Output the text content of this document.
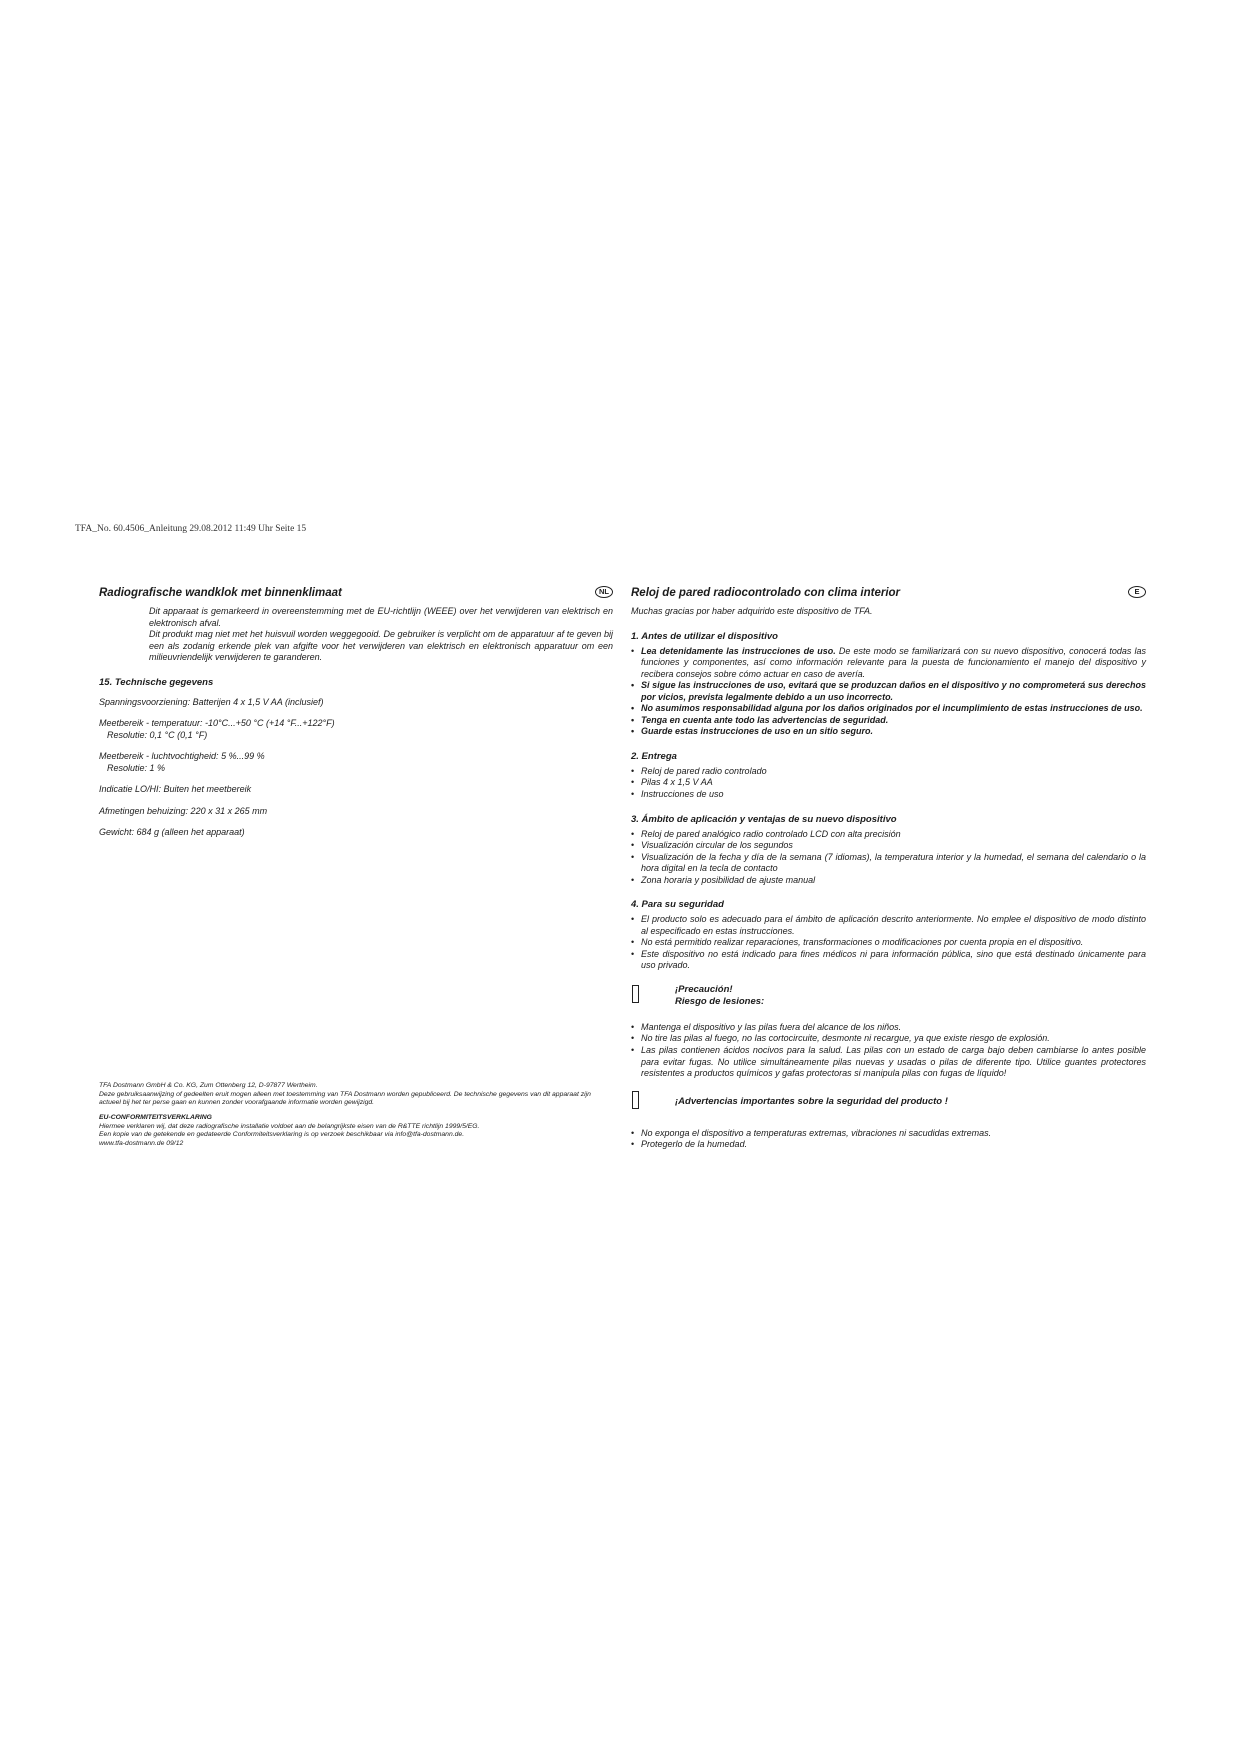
TFA_No. 60.4506_Anleitung 29.08.2012 11:49 Uhr Seite 15
Radiografische wandklok met binnenklimaat	NL

Dit apparaat is gemarkeerd in overeenstemming met de EU-richtlijn (WEEE) over het verwijderen van elektrisch en elektronisch afval.

Dit produkt mag niet met het huisvuil worden weggegooid. De gebruiker is verplicht om de apparatuur af te geven bij een als zodanig erkende plek van afgifte voor het verwijderen van elektrisch en elektronisch apparatuur om een milieuvriendelijk verwijderen te garanderen.

15. Technische gegevens

Spanningsvoorziening: Batterijen 4 x 1,5 V AA (inclusief)

Meetbereik - temperatuur: -10°C...+50 °C (+14 °F...+122°F)

Resolutie: 0,1 °C (0,1 °F)

Meetbereik - luchtvochtigheid: 5 %...99 %

Resolutie: 1 %

Indicatie LO/HI: Buiten het meetbereik

Afmetingen behuizing: 220 x 31 x 265 mm

Gewicht: 684 g (alleen het apparaat)

TFA Dostmann GmbH & Co. KG, Zum Ottenberg 12, D-97877 Wertheim.

Deze gebruiksaanwijzing of gedeelten eruit mogen alleen met toestemming van TFA Dostmann worden gepubliceerd. De technische gegevens van dit apparaat zijn actueel bij het ter perse gaan en kunnen zonder voorafgaande informatie worden gewijzigd.

EU-CONFORMITEITSVERKLARING

Hiermee verklaren wij, dat deze radiografische installatie voldoet aan de belangrijkste eisen van de R&TTE richtlijn 1999/5/EG.

Een kopie van de getekende en gedateerde Conformiteitsverklaring is op verzoek beschikbaar via info@tfa-dostmann.de.

www.tfa-dostmann.de 09/12

Reloj de pared radiocontrolado con clima interior	E

Muchas gracias por haber adquirido este dispositivo de TFA.

1. Antes de utilizar el dispositivo
• Lea detenidamente las instrucciones de uso. De este modo se familiarizará con su nuevo dispositivo, conocerá todas las funciones y componentes, así como información relevante para la puesta de funcionamiento el manejo del dispositivo y recibera consejos sobre cómo actuar en caso de avería.
• Si sigue las instrucciones de uso, evitará que se produzcan daños en el dispositivo y no comprometerá sus derechos por vicios, prevista legalmente debido a un uso incorrecto.
• No asumimos responsabilidad alguna por los daños originados por el incumplimiento de estas instrucciones de uso.
• Tenga en cuenta ante todo las advertencias de seguridad.
• Guarde estas instrucciones de uso en un sitio seguro.
2. Entrega
• Reloj de pared radio controlado
• Pilas 4 x 1,5 V AA
• Instrucciones de uso
3. Ámbito de aplicación y ventajas de su nuevo dispositivo
• Reloj de pared analógico radio controlado LCD con alta precisión
• Visualización circular de los segundos
• Visualización de la fecha y día de la semana (7 idiomas), la temperatura interior y la humedad, el semana del calendario o la hora digital en la tecla de contacto
• Zona horaria y posibilidad de ajuste manual
4. Para su seguridad
• El producto solo es adecuado para el ámbito de aplicación descrito anteriormente. No emplee el dispositivo de modo distinto al especificado en estas instrucciones.
• No está permitido realizar reparaciones, transformaciones o modificaciones por cuenta propia en el dispositivo.
• Este dispositivo no está indicado para fines médicos ni para información pública, sino que está destinado únicamente para uso privado.
¡Precaución!
Riesgo de lesiones:
• Mantenga el dispositivo y las pilas fuera del alcance de los niños.
• No tire las pilas al fuego, no las cortocircuite, desmonte ni recargue, ya que existe riesgo de explosión.
• Las pilas contienen ácidos nocivos para la salud. Las pilas con un estado de carga bajo deben cambiarse lo antes posible para evitar fugas. No utilice simultáneamente pilas nuevas y usadas o pilas de diferente tipo. Utilice guantes protectores resistentes a productos químicos y gafas protectoras si manipula pilas con fugas de líquido!
¡Advertencias importantes sobre la seguridad del producto !
• No exponga el dispositivo a temperaturas extremas, vibraciones ni sacudidas extremas.
• Protegerlo de la humedad.
